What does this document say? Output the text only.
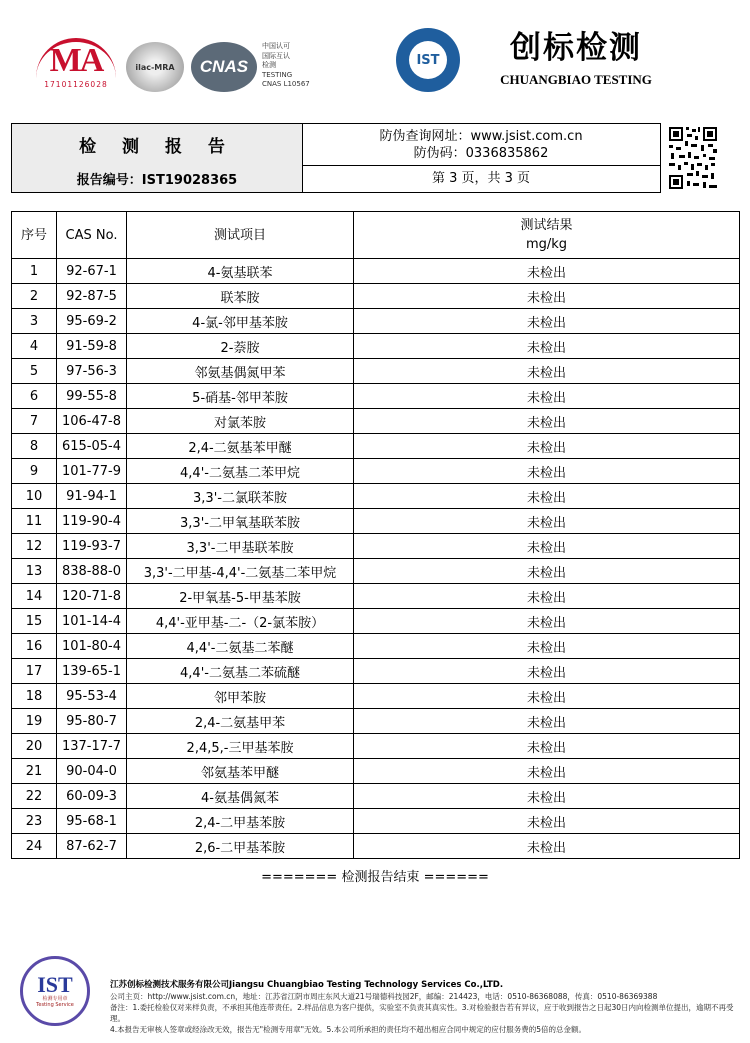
MA
17101126028
ilac-MRA	CNAS
中国认可
国际互认
检测
TESTING
CNAS L10567
IST	创标检测
CHUANGBIAO TESTING
检 测 报 告
防伪查询网址：www.jsist.com.cn
防伪码：0336835862
报告编号：IST19028365	第 3 页，共 3 页
序号	CAS No.	测试项目	测试结果
mg/kg

1	92-67-1	4-氨基联苯	未检出
2	92-87-5	联苯胺	未检出
3	95-69-2	4-氯-邻甲基苯胺	未检出
4	91-59-8	2-萘胺	未检出
5	97-56-3	邻氨基偶氮甲苯	未检出
6	99-55-8	5-硝基-邻甲苯胺	未检出
7	106-47-8	对氯苯胺	未检出
8	615-05-4	2,4-二氨基苯甲醚	未检出
9	101-77-9	4,4'-二氨基二苯甲烷	未检出
10	91-94-1	3,3'-二氯联苯胺	未检出
11	119-90-4	3,3'-二甲氧基联苯胺	未检出
12	119-93-7	3,3'-二甲基联苯胺	未检出
13	838-88-0	3,3'-二甲基-4,4'-二氨基二苯甲烷	未检出
14	120-71-8	2-甲氧基-5-甲基苯胺	未检出
15	101-14-4	4,4'-亚甲基-二-（2-氯苯胺）	未检出
16	101-80-4	4,4'-二氨基二苯醚	未检出
17	139-65-1	4,4'-二氨基二苯硫醚	未检出
18	95-53-4	邻甲苯胺	未检出
19	95-80-7	2,4-二氨基甲苯	未检出
20	137-17-7	2,4,5,-三甲基苯胺	未检出
21	90-04-0	邻氨基苯甲醚	未检出
22	60-09-3	4-氨基偶氮苯	未检出
23	95-68-1	2,4-二甲基苯胺	未检出
24	87-62-7	2,6-二甲基苯胺	未检出
======= 检测报告结束 ======
IST
检测专用章
Testing Service
江苏创标检测技术服务有限公司Jiangsu Chuangbiao Testing Technology Services Co.,LTD.
公司主页：http://www.jsist.com.cn，地址：江苏省江阴市周庄东风大道21号瑞德科技园2F，邮编：214423，电话：0510-86368088，传真：0510-86369388
备注：1.委托检验仅对来样负责，不承担其他连带责任。2.样品信息为客户提供，实验室不负责其真实性。3.对检验报告若有异议，应于收到报告之日起30日内向检测单位提出，逾期不再受理。
4.本报告无审核人签章或经涂改无效，报告无"检测专用章"无效。5.本公司所承担的责任均不超出相应合同中规定的应付服务费的5倍的总金额。
